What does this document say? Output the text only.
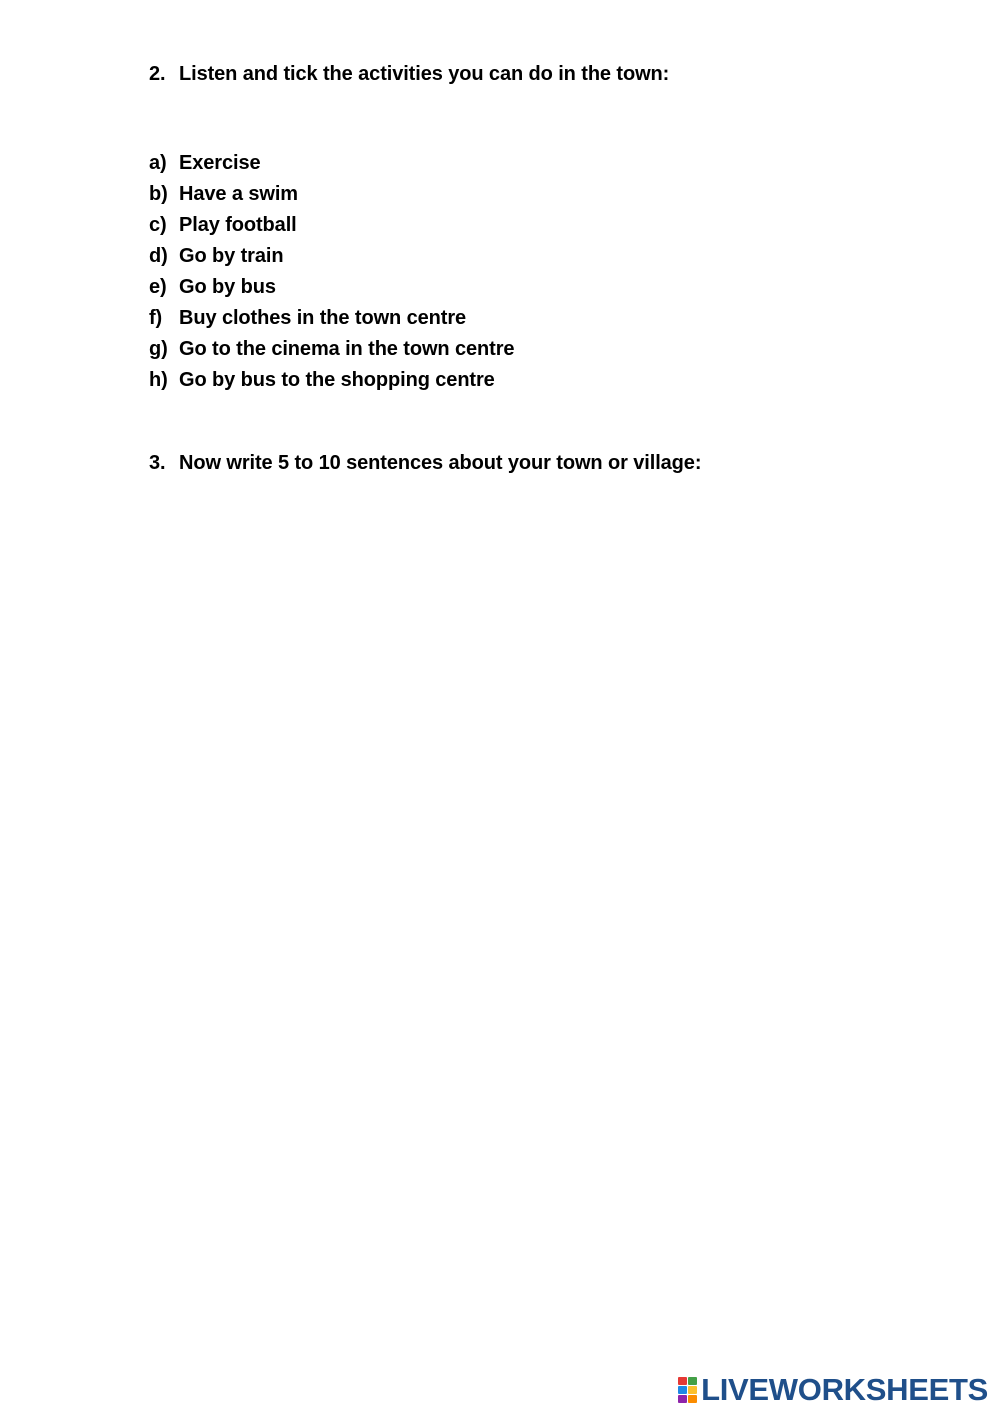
2. Listen and tick the activities you can do in the town:
a) Exercise
b) Have a swim
c) Play football
d) Go by train
e) Go by bus
f) Buy clothes in the town centre
g) Go to the cinema in the town centre
h) Go by bus to the shopping centre
3. Now write 5 to 10 sentences about your town or village:
LIVEWORKSHEETS
